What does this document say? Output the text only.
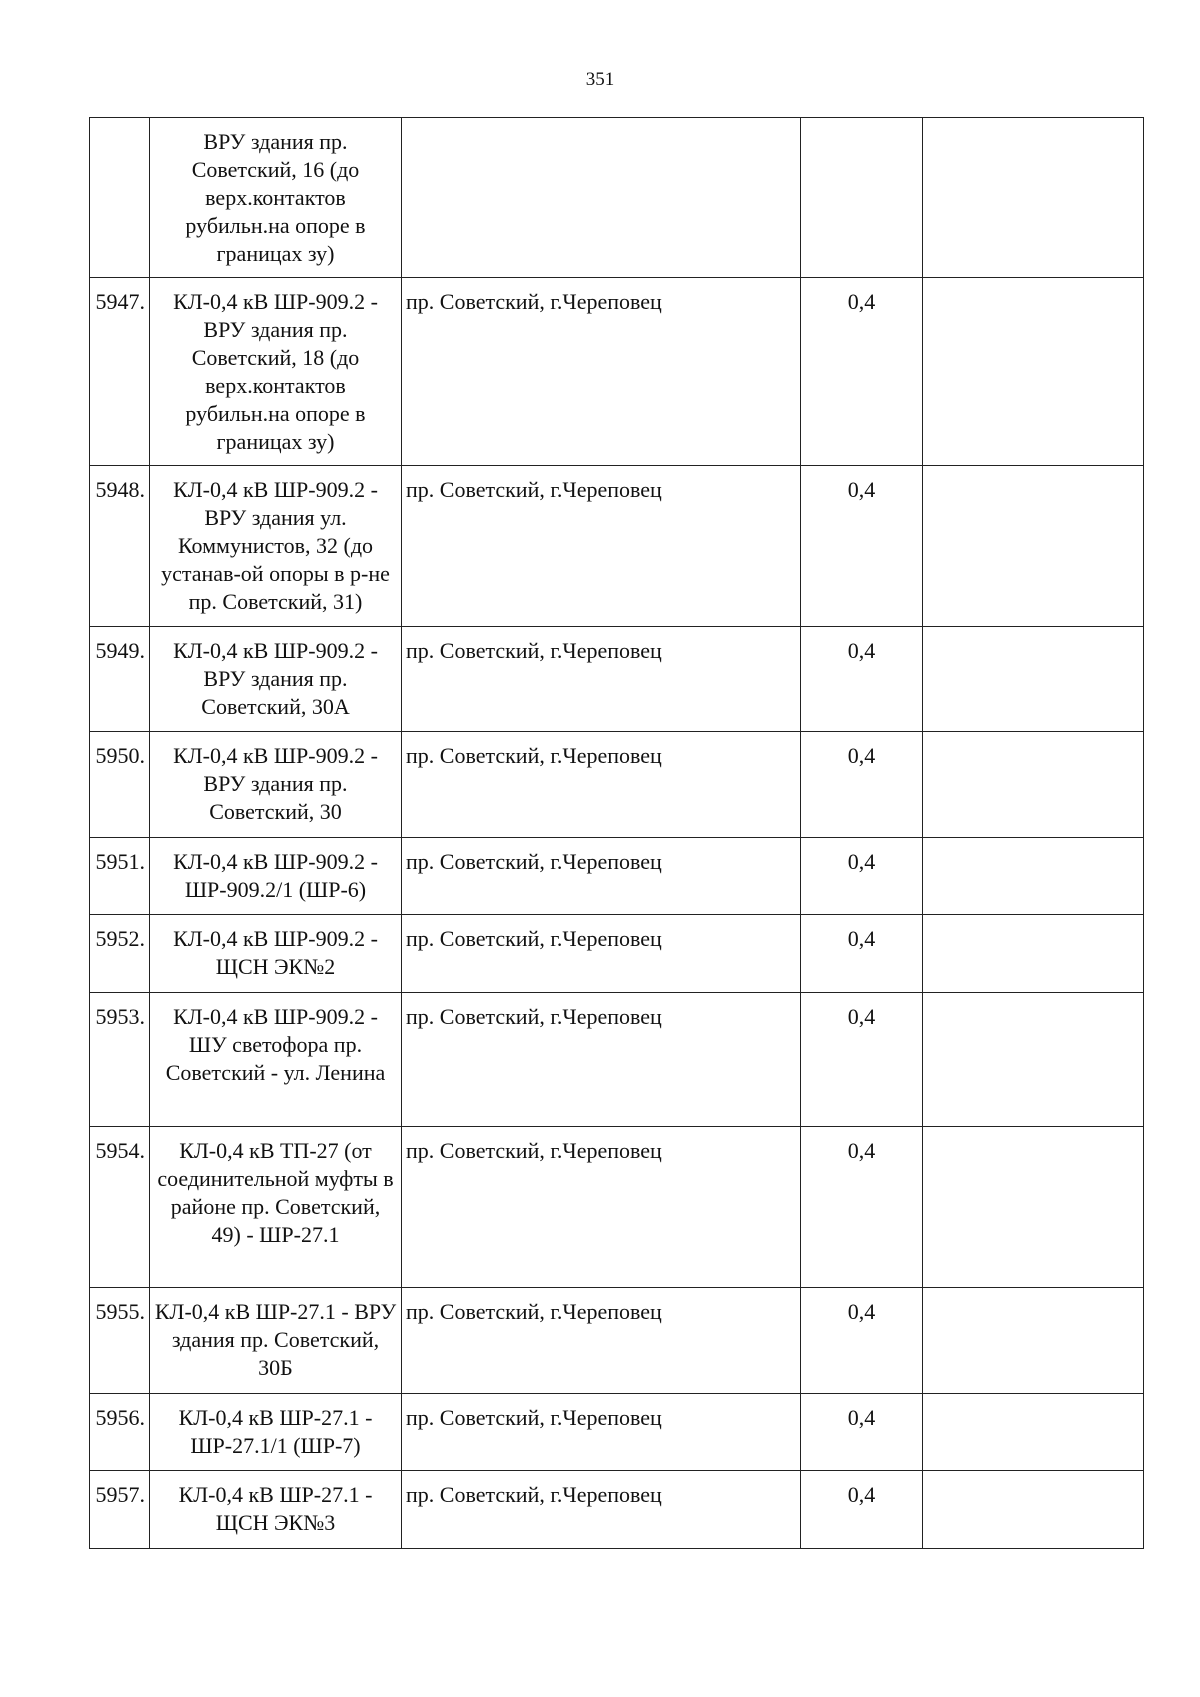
351
	ВРУ здания пр. Советский, 16 (до верх.контактов рубильн.на опоре в границах зу)			
5947.	КЛ-0,4 кВ ШР-909.2 - ВРУ здания пр. Советский, 18 (до верх.контактов рубильн.на опоре в границах зу)	пр. Советский, г.Череповец	0,4	
5948.	КЛ-0,4 кВ ШР-909.2 - ВРУ здания ул. Коммунистов, 32 (до устанав-ой опоры в р-не пр. Советский, 31)	пр. Советский, г.Череповец	0,4	
5949.	КЛ-0,4 кВ ШР-909.2 - ВРУ здания пр. Советский, 30А	пр. Советский, г.Череповец	0,4	
5950.	КЛ-0,4 кВ ШР-909.2 - ВРУ здания пр. Советский, 30	пр. Советский, г.Череповец	0,4	
5951.	КЛ-0,4 кВ ШР-909.2 - ШР-909.2/1 (ШР-6)	пр. Советский, г.Череповец	0,4	
5952.	КЛ-0,4 кВ ШР-909.2 - ЩСН ЭК№2	пр. Советский, г.Череповец	0,4	
5953.	КЛ-0,4 кВ ШР-909.2 - ШУ светофора пр. Советский - ул. Ленина	пр. Советский, г.Череповец	0,4	
5954.	КЛ-0,4 кВ ТП-27 (от соединительной муфты в районе пр. Советский, 49) - ШР-27.1	пр. Советский, г.Череповец	0,4	
5955.	КЛ-0,4 кВ ШР-27.1 - ВРУ здания пр. Советский, 30Б	пр. Советский, г.Череповец	0,4	
5956.	КЛ-0,4 кВ ШР-27.1 - ШР-27.1/1 (ШР-7)	пр. Советский, г.Череповец	0,4	
5957.	КЛ-0,4 кВ ШР-27.1 - ЩСН ЭК№3	пр. Советский, г.Череповец	0,4	
